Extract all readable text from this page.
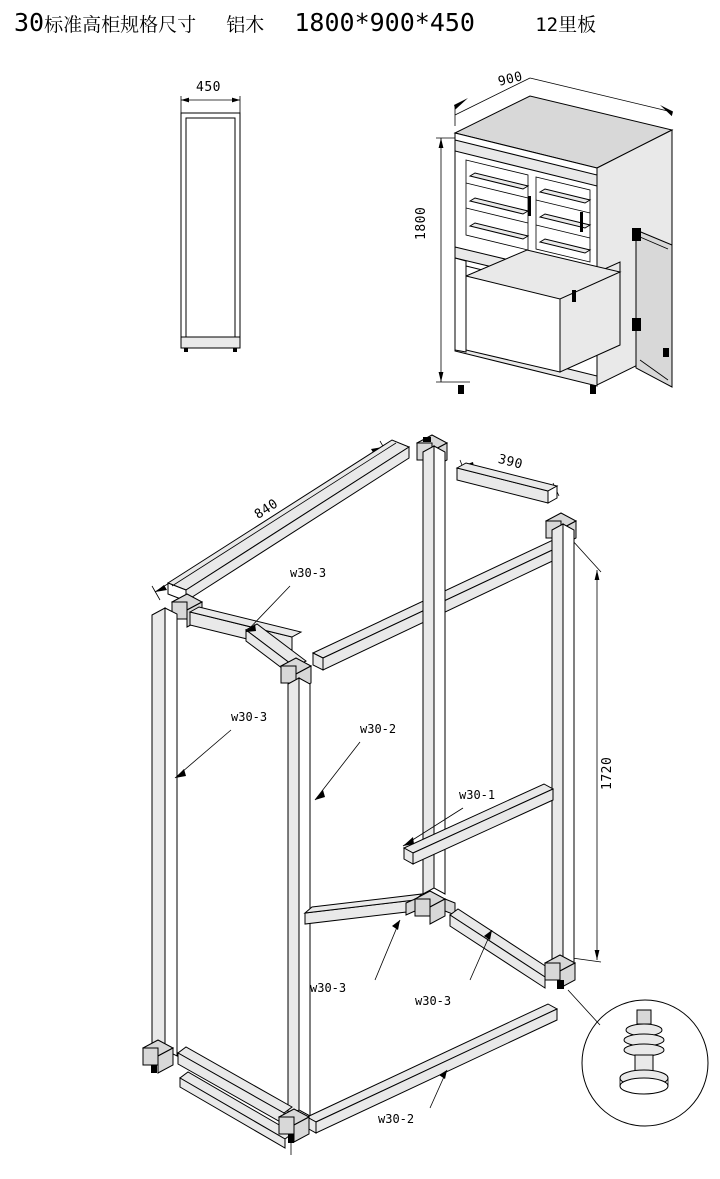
30标准高柜规格尺寸 铝木 1800*900*450	12里板
450	900
1800
840
390
1720
w30-3
w30-3
w30-2
w30-1
w30-3
w30-3
w30-2
